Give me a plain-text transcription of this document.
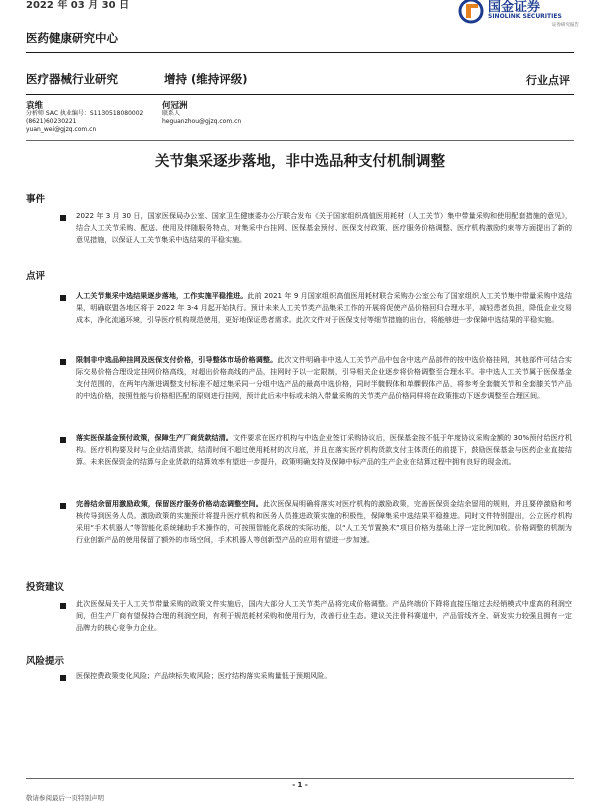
2022 年 03 月 30 日	国金证券
SINOLINK SECURITIES
证券研究报告
医药健康研究中心
医疗器械行业研究	增持 (维持评级)	行业点评
袁维
分析师 SAC 执业编号：S1130518080002
(8621)60230221
yuan_wei@gjzq.com.cn
何冠洲
联系人
heguanzhou@gjzq.com.cn
关节集采逐步落地，非中选品种支付机制调整
事件
2022 年 3 月 30 日，国家医保局办公室、国家卫生健康委办公厅联合发布《关于国家组织高值医用耗材（人工关节）集中带量采购和使用配套措施的意见》，结合人工关节采购、配送、使用及伴随服务特点，对集采中台挂网、医保基金预付、医保支付政策、医疗服务价格调整、医疗机构激励约束等方面提出了新的意见措施，以保证人工关节集采中选结果的平稳实施。
点评
人工关节集采中选结果逐步落地，工作实施平稳推进。此前 2021 年 9 月国家组织高值医用耗材联合采购办公室公布了国家组织人工关节集中带量采购中选结果，明确联盟各地区将于 2022 年 3-4 月起开始执行。预计未来人工关节类产品集采工作的开展将促使产品价格回归合理水平，减轻患者负担，降低企业交易成本，净化流通环境，引导医疗机构规范使用，更好地保证患者需求。此次文件对于医保支付等细节措施的出台，将能够进一步保障中选结果的平稳实施。
限制非中选品种挂网及医保支付价格，引导整体市场价格调整。此次文件明确非中选人工关节产品中包含中选产品部件的按中选价格挂网，其他部件可结合实际交易价格合理设定挂网价格高线，对超出价格高线的产品，挂网时予以一定限制，引导相关企业逐步将价格调整至合理水平。非中选人工关节属于医保基金支付范围的，在两年内渐进调整支付标准不超过集采同一分组中选产品的最高中选价格，同时半髋假体和单髁假体产品，将参考全套髋关节和全套膝关节产品的中选价格，按照性能与价格相匹配的原则进行挂网，预计此后未中标或未纳入带量采购的关节类产品价格同样将在政策推动下逐步调整至合理区间。
落实医保基金预付政策，保障生产厂商货款结清。文件要求在医疗机构与中选企业签订采购协议后，医保基金按不低于年度协议采购金额的 30%预付给医疗机构。医疗机构要及时与企业结清货款，结清时间不超过使用耗材的次月底，并且在落实医疗机构货款支付主体责任的前提下，鼓励医保基金与医药企业直接结算。未来医保资金的结算与企业货款的结算效率有望进一步提升，政策明确支持及保障中标产品的生产企业在结算过程中拥有良好的现金流。
完善结余留用激励政策，保留医疗服务价格动态调整空间。此次医保局明确将落实对医疗机构的激励政策，完善医保资金结余留用的规则，并且要停激励和考核传导到医务人员。激励政策的实施预计将提升医疗机构和医务人员推进政策实施的积极性，保障集采中选结果平稳推进。同时文件特别提出，公立医疗机构采用“手术机器人”等智能化系统辅助手术操作的，可按照智能化系统的实际功能，以“人工关节置换术”项目价格为基础上浮一定比例加收。价格调整的机制为行业创新产品的使用保留了额外的市场空间，手术机器人等创新型产品的应用有望进一步加速。
投资建议
此次医保局关于人工关节带量采购的政策文件实施后，国内大部分人工关节类产品将完成价格调整。产品终端价下降将直接压缩过去经销模式中虚高的利润空间，但生产厂商有望保持合理的利润空间，有利于规范耗材采购和使用行为，改善行业生态。建议关注骨科赛道中，产品管线齐全、研发实力较强且拥有一定品牌力的核心竞争力企业。
风险提示
医保控费政策变化风险；产品续标失败风险；医疗结构落实采购量低于预期风险。
- 1 -
敬请参阅最后一页特别声明
